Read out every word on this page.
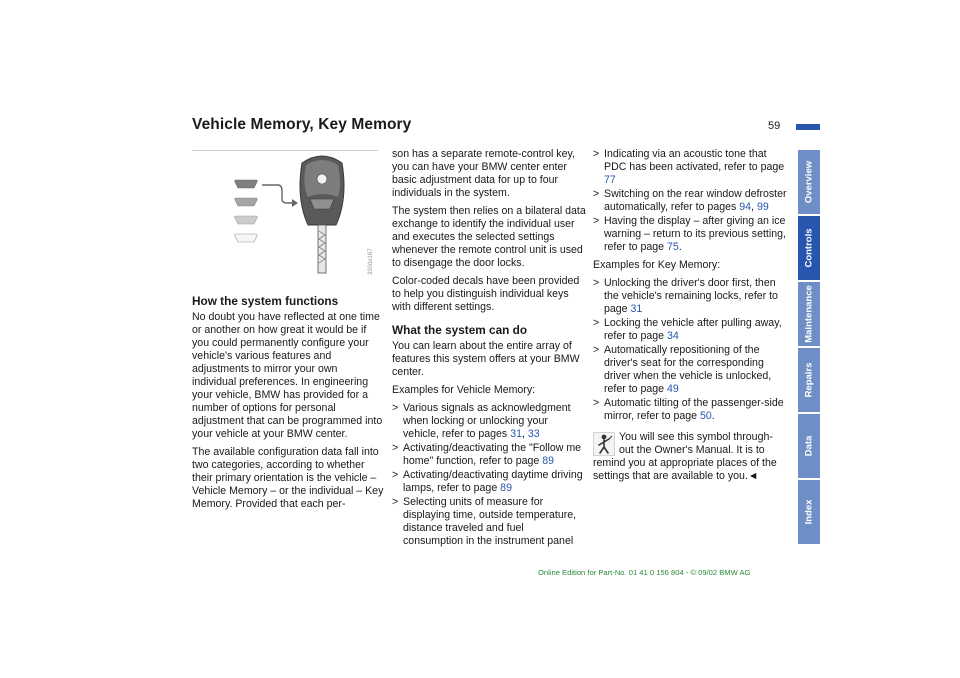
Vehicle Memory, Key Memory	59
Overview
Controls
Maintenance
Repairs
Data
Index
390de167
How the system functions

No doubt you have reflected at one time or another on how great it would be if you could permanently configure your vehicle's various features and adjustments to mirror your own individual preferences. In engineering your vehicle, BMW has provided for a number of options for personal adjustment that can be programmed into your vehicle at your BMW center.

The available configuration data fall into two categories, according to whether their primary orientation is the vehicle – Vehicle Memory – or the individual – Key Memory. Provided that each per-

son has a separate remote-control key, you can have your BMW center enter basic adjustment data for up to four individuals in the system.

The system then relies on a bilateral data exchange to identify the individual user and executes the selected settings whenever the remote control unit is used to disengage the door locks.

Color-coded decals have been provided to help you distinguish individual keys with different settings.

What the system can do

You can learn about the entire array of features this system offers at your BMW center.

Examples for Vehicle Memory:

> Various signals as acknowledgment when locking or unlocking your vehicle, refer to pages 31, 33
> Activating/deactivating the "Follow me home" function, refer to page 89
> Activating/deactivating daytime driving lamps, refer to page 89
> Selecting units of measure for displaying time, outside temperature, distance traveled and fuel consumption in the instrument panel
> Indicating via an acoustic tone that PDC has been activated, refer to page 77
> Switching on the rear window defroster automatically, refer to pages 94, 99
> Having the display – after giving an ice warning – return to its previous setting, refer to page 75.

Examples for Key Memory:

> Unlocking the driver's door first, then the vehicle's remaining locks, refer to page 31
> Locking the vehicle after pulling away, refer to page 34
> Automatically repositioning of the driver's seat for the corresponding driver when the vehicle is unlocked, refer to page 49
> Automatic tilting of the passenger-side mirror, refer to page 50.

You will see this symbol through-

out the Owner's Manual. It is to

remind you at appropriate places of the settings that are available to you.◄

Online Edition for Part-No. 01 41 0 156 804 - © 09/02 BMW AG
